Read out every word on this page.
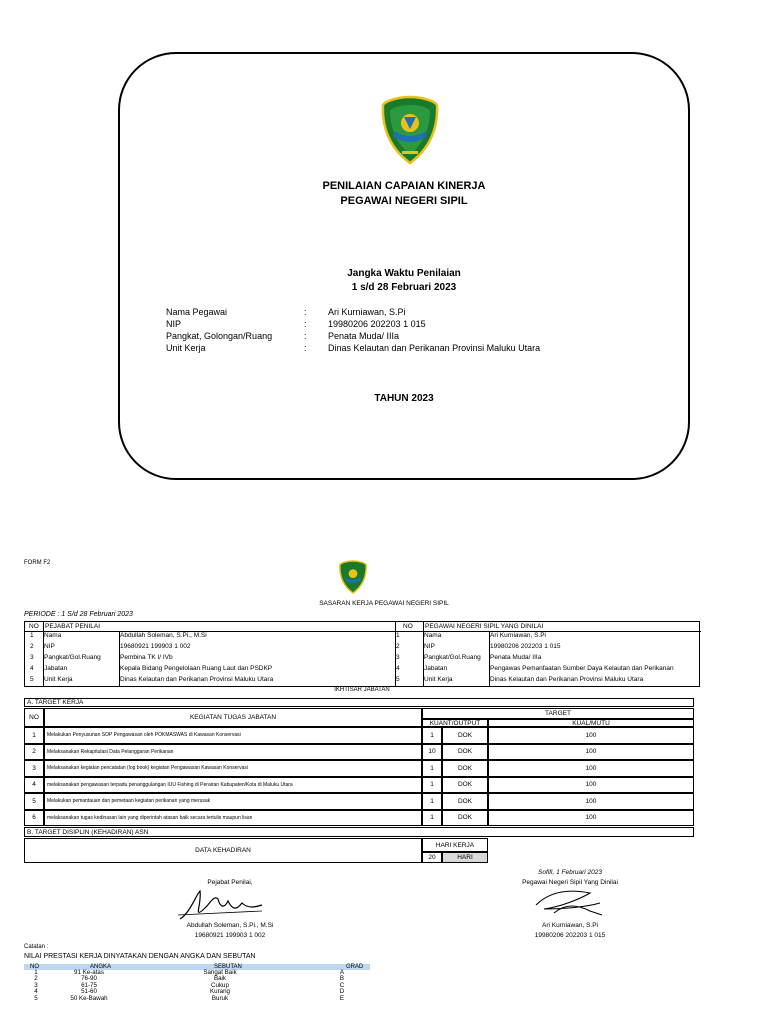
PENILAIAN CAPAIAN KINERJA
PEGAWAI NEGERI SIPIL
Jangka Waktu Penilaian
1 s/d 28 Februari 2023
Nama Pegawai	: Ari Kurniawan, S.Pi
NIP	: 19980206 202203 1 015
Pangkat, Golongan/Ruang	: Penata Muda/ IIIa
Unit Kerja	: Dinas Kelautan dan Perikanan Provinsi Maluku Utara
TAHUN 2023
FORM F2
SASARAN KERJA PEGAWAI NEGERI SIPIL
PERIODE : 1 S/d 28 Februari 2023
NO PEJABAT PENILAI	NO PEGAWAI NEGERI SIPIL YANG DINILAI
1 Nama	Abdullah Soleman, S.Pi., M.Si	1	Nama	Ari Kurniawan, S.Pi
2 NIP	19680921 199903 1 002	2	NIP	19980206 202203 1 015
3 Pangkat/Gol.Ruang	Pembina TK I/ IVb	3	Pangkat/Gol.Ruang Penata Muda/ IIIa
4 Jabatan	Kepala Bidang Pengelolaan Ruang Laut dan PSDKP	4	Jabatan	Pengawas Pemanfaatan Sumber Daya Kelautan dan Perikanan
5 Unit Kerja	Dinas Kelautan dan Perikanan Provinsi Maluku Utara	5	Unit Kerja	Dinas Kelautan dan Perikanan Provinsi Maluku Utara
IKHTISAR JABATAN
A. TARGET KERJA
NO	KEGIATAN TUGAS JABATAN
TARGET
KUANT/OUTPUT	KUAL/MUTU
1	Melakukan Penyusunan SOP Pengawasan oleh POKMASWAS di Kawasan Konservasi	1	DOK	100
2	Melaksanakan Rekapitulasi Data Pelanggaran Perikanan	10	DOK	100
3	Melaksanakan kegiatan pencatatan (log book) kegiatan Pengawasan Kawasan Konservasi	1	DOK	100
4	melaksanakan pengawasan terpadu penanggulangan IUU Fishing di Perairan Kabupaten/Kota di Maluku Utara	1	DOK	100
5	Melakukan pemantauan dan pemetaan kegiatan perikanan yang merusak	1	DOK	100
6	melaksanakan tugas kedinasan lain yang diperintah atasan baik secara tertulis maupun lisan	1	DOK	100
B. TARGET DISIPLIN (KEHADIRAN) ASN
DATA KEHADIRAN
HARI KERJA
20	HARI
Sofifi, 1 Februari 2023
Pegawai Negeri Sipil Yang Dinilai
Pejabat Penilai,
Abdullah Soleman, S.Pi., M.Si
19680921 199903 1 002
Ari Kurniawan, S.Pi
19980206 202203 1 015
Catatan :
NILAI PRESTASI KERJA DINYATAKAN DENGAN ANGKA DAN SEBUTAN
NO	ANGKA	SEBUTAN	GRAD
1	91 Ke-atas	Sangat Baik	A
2	76-90	Baik	B
3	61-75	Cukup	C
4	51-60	Kurang	D
5	50 Ke-Bawah	Buruk	E
